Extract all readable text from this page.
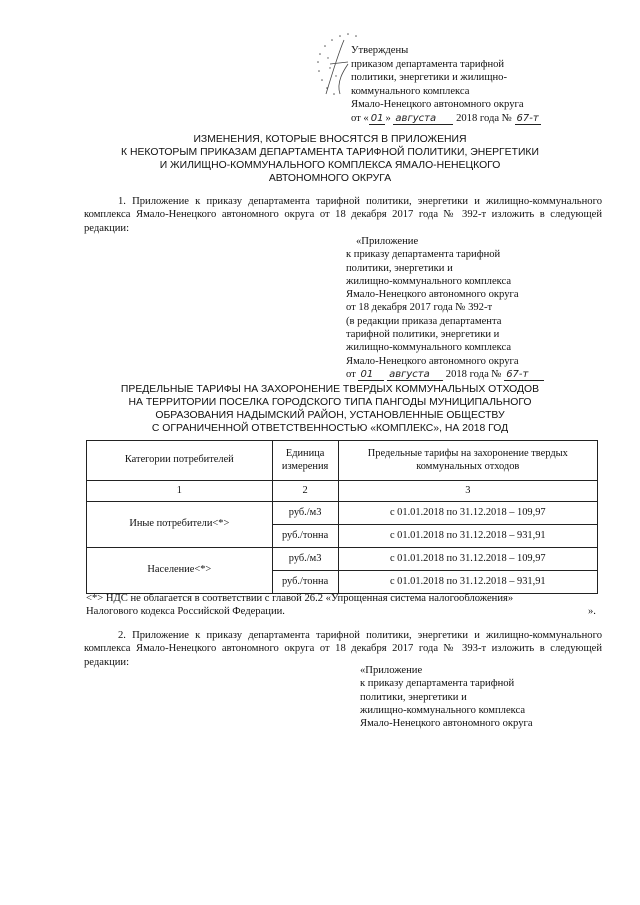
Утверждены
приказом департамента тарифной
политики, энергетики и жилищно-
коммунального комплекса
Ямало-Ненецкого автономного округа
от « 01 » августа 2018 года № 67-т
ИЗМЕНЕНИЯ, КОТОРЫЕ ВНОСЯТСЯ В ПРИЛОЖЕНИЯ
К НЕКОТОРЫМ ПРИКАЗАМ ДЕПАРТАМЕНТА ТАРИФНОЙ ПОЛИТИКИ, ЭНЕРГЕТИКИ
И ЖИЛИЩНО-КОММУНАЛЬНОГО КОМПЛЕКСА ЯМАЛО-НЕНЕЦКОГО
АВТОНОМНОГО ОКРУГА
1. Приложение к приказу департамента тарифной политики, энергетики и жилищно-коммунального комплекса Ямало-Ненецкого автономного округа от 18 декабря 2017 года № 392-т изложить в следующей редакции:
«Приложение
к приказу департамента тарифной
политики, энергетики и
жилищно-коммунального комплекса
Ямало-Ненецкого автономного округа
от 18 декабря 2017 года № 392-т
(в редакции приказа департамента
тарифной политики, энергетики и
жилищно-коммунального комплекса
Ямало-Ненецкого автономного округа
от 01 августа 2018 года № 67-т
ПРЕДЕЛЬНЫЕ ТАРИФЫ НА ЗАХОРОНЕНИЕ ТВЕРДЫХ КОММУНАЛЬНЫХ ОТХОДОВ
НА ТЕРРИТОРИИ ПОСЕЛКА ГОРОДСКОГО ТИПА ПАНГОДЫ МУНИЦИПАЛЬНОГО
ОБРАЗОВАНИЯ НАДЫМСКИЙ РАЙОН, УСТАНОВЛЕННЫЕ ОБЩЕСТВУ
С ОГРАНИЧЕННОЙ ОТВЕТСТВЕННОСТЬЮ «КОМПЛЕКС», НА 2018 ГОД
Категории потребителей	Единица измерения	Предельные тарифы на захоронение твердых коммунальных отходов
1	2	3
Иные потребители<*>	руб./м3	с 01.01.2018 по 31.12.2018 – 109,97
	руб./тонна	с 01.01.2018 по 31.12.2018 – 931,91
Население<*>	руб./м3	с 01.01.2018 по 31.12.2018 – 109,97
	руб./тонна	с 01.01.2018 по 31.12.2018 – 931,91
<*> НДС не облагается в соответствии с главой 26.2 «Упрощенная система налогообложения»
Налогового кодекса Российской Федерации.	».
2. Приложение к приказу департамента тарифной политики, энергетики и жилищно-коммунального комплекса Ямало-Ненецкого автономного округа от 18 декабря 2017 года № 393-т изложить в следующей редакции:
«Приложение
к приказу департамента тарифной
политики, энергетики и
жилищно-коммунального комплекса
Ямало-Ненецкого автономного округа
